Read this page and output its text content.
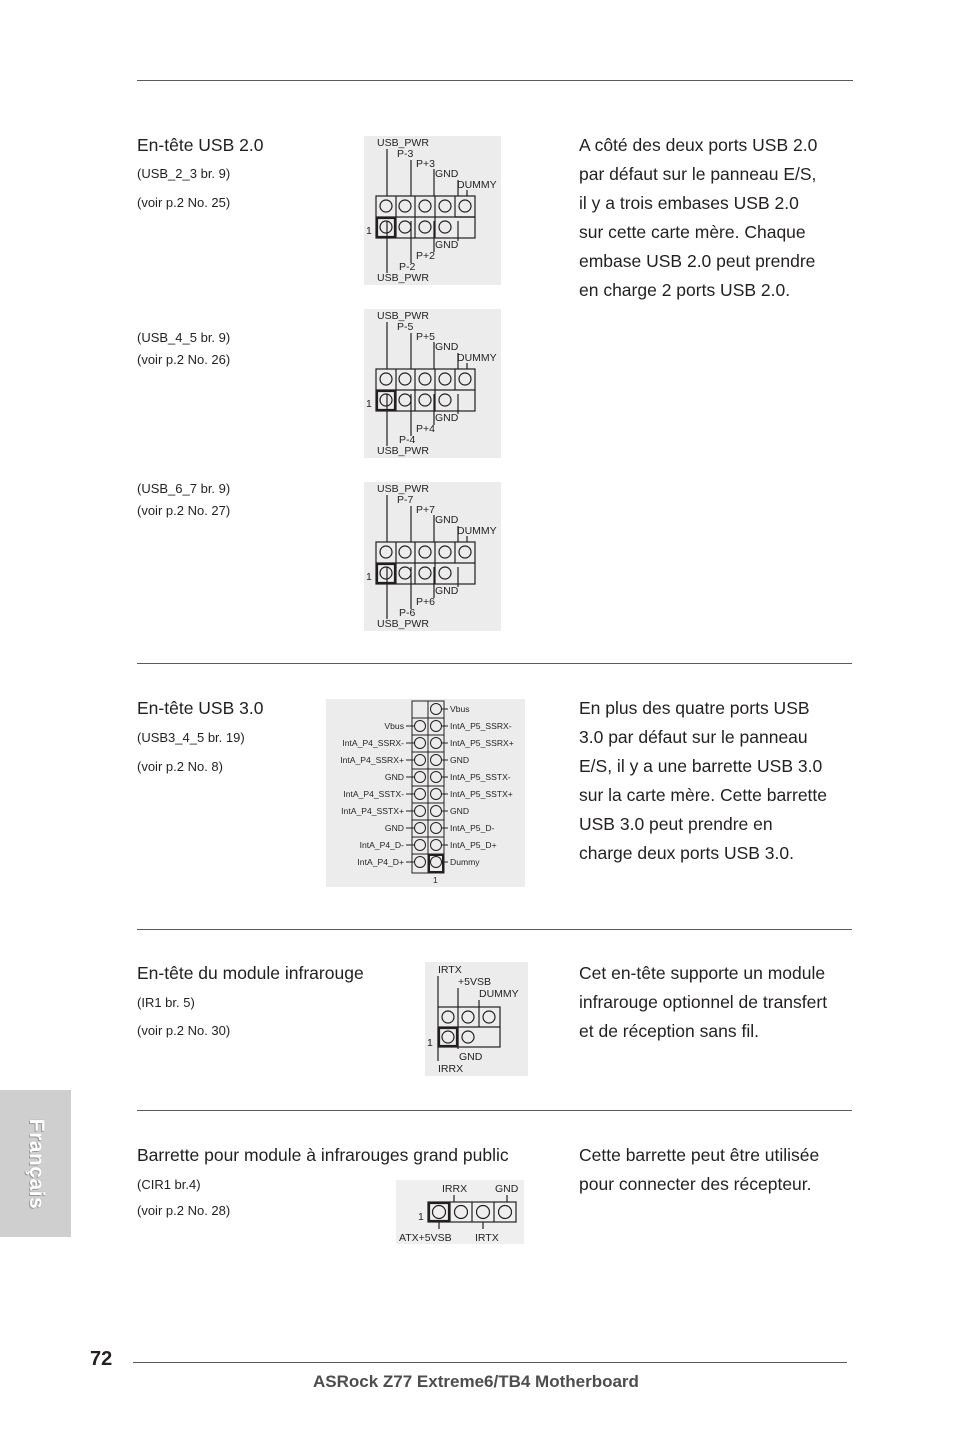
En-tête USB 2.0
(USB_2_3 br. 9)
(voir p.2 No. 25)
(USB_4_5 br. 9)
(voir p.2 No. 26)
(USB_6_7 br. 9)
(voir p.2 No. 27)
USB_PWR
P-3
P+3
GND
DUMMY
1
GND
P+2
P-2
USB_PWR
USB_PWR
P-5
P+5
GND
DUMMY
1
GND
P+4
P-4
USB_PWR
USB_PWR
P-7
P+7
GND
DUMMY
1
GND
P+6
P-6
USB_PWR
A côté des deux ports USB 2.0
par défaut sur le panneau E/S,
il y a trois embases USB 2.0
sur cette carte mère. Chaque
embase USB 2.0 peut prendre
en charge 2 ports USB 2.0.
En-tête USB 3.0
(USB3_4_5 br. 19)
(voir p.2 No. 8)
Vbus
Vbus
IntA_P4_SSRX-
IntA_P4_SSRX+
GND
IntA_P4_SSTX-
IntA_P4_SSTX+
GND
IntA_P4_D-
IntA_P4_D+
IntA_P5_SSRX-
IntA_P5_SSRX+
GND
IntA_P5_SSTX-
IntA_P5_SSTX+
GND
IntA_P5_D-
IntA_P5_D+
Dummy
1
En plus des quatre ports USB
3.0 par défaut sur le panneau
E/S, il y a une barrette USB 3.0
sur la carte mère. Cette barrette
USB 3.0 peut prendre en
charge deux ports USB 3.0.
En-tête du module infrarouge
(IR1 br. 5)
(voir p.2 No. 30)
IRTX
+5VSB
DUMMY
1
GND
IRRX
Cet en-tête supporte un module
infrarouge optionnel de transfert
et de réception sans fil.
Barrette pour module à infrarouges grand public
(CIR1 br.4)
(voir p.2 No. 28)
IRRX	GND
1
ATX+5VSB IRTX
Cette barrette peut être utilisée
pour connecter des récepteur.
Français
72
ASRock Z77 Extreme6/TB4 Motherboard
